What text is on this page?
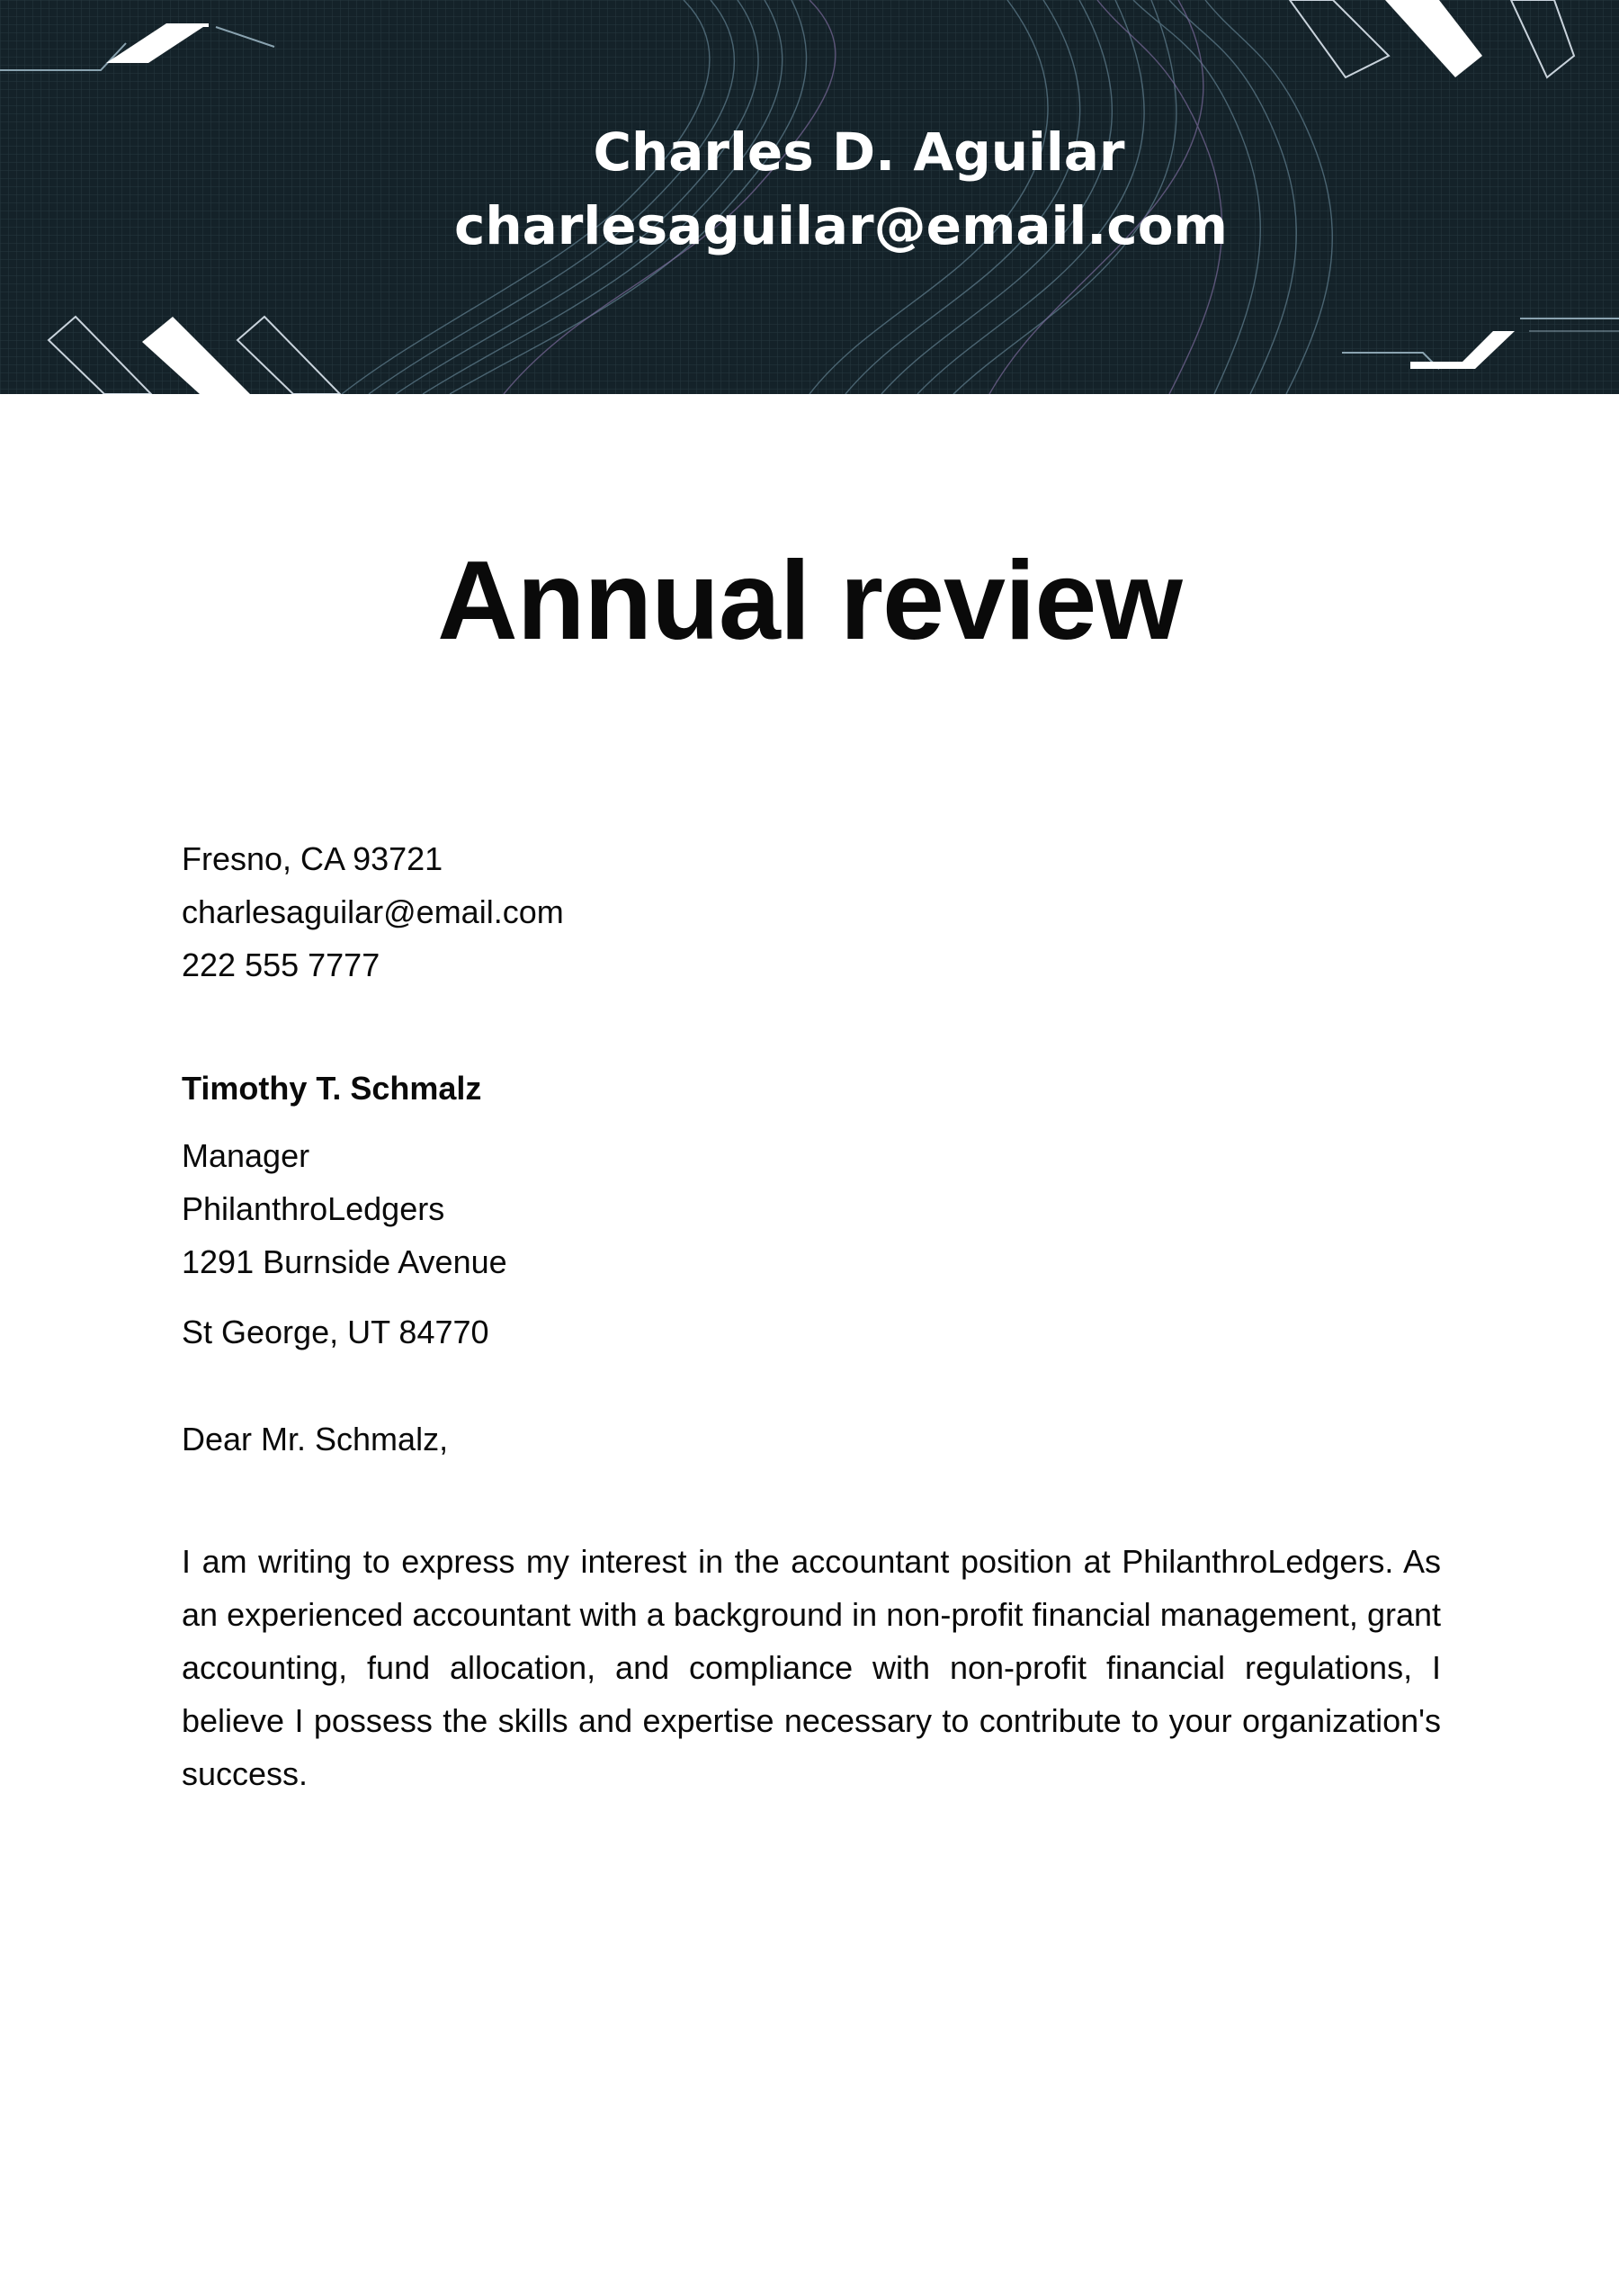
Charles D. Aguilar
charlesaguilar@email.com
Annual review
Fresno, CA 93721
charlesaguilar@email.com
222 555 7777
Timothy T. Schmalz
Manager
PhilanthroLedgers
1291 Burnside Avenue
St George, UT 84770
Dear Mr. Schmalz,
I am writing to express my interest in the accountant position at PhilanthroLedgers. As an experienced accountant with a background in non-profit financial management, grant accounting, fund allocation, and compliance with non-profit financial regulations, I believe I possess the skills and expertise necessary to contribute to your organization's success.
